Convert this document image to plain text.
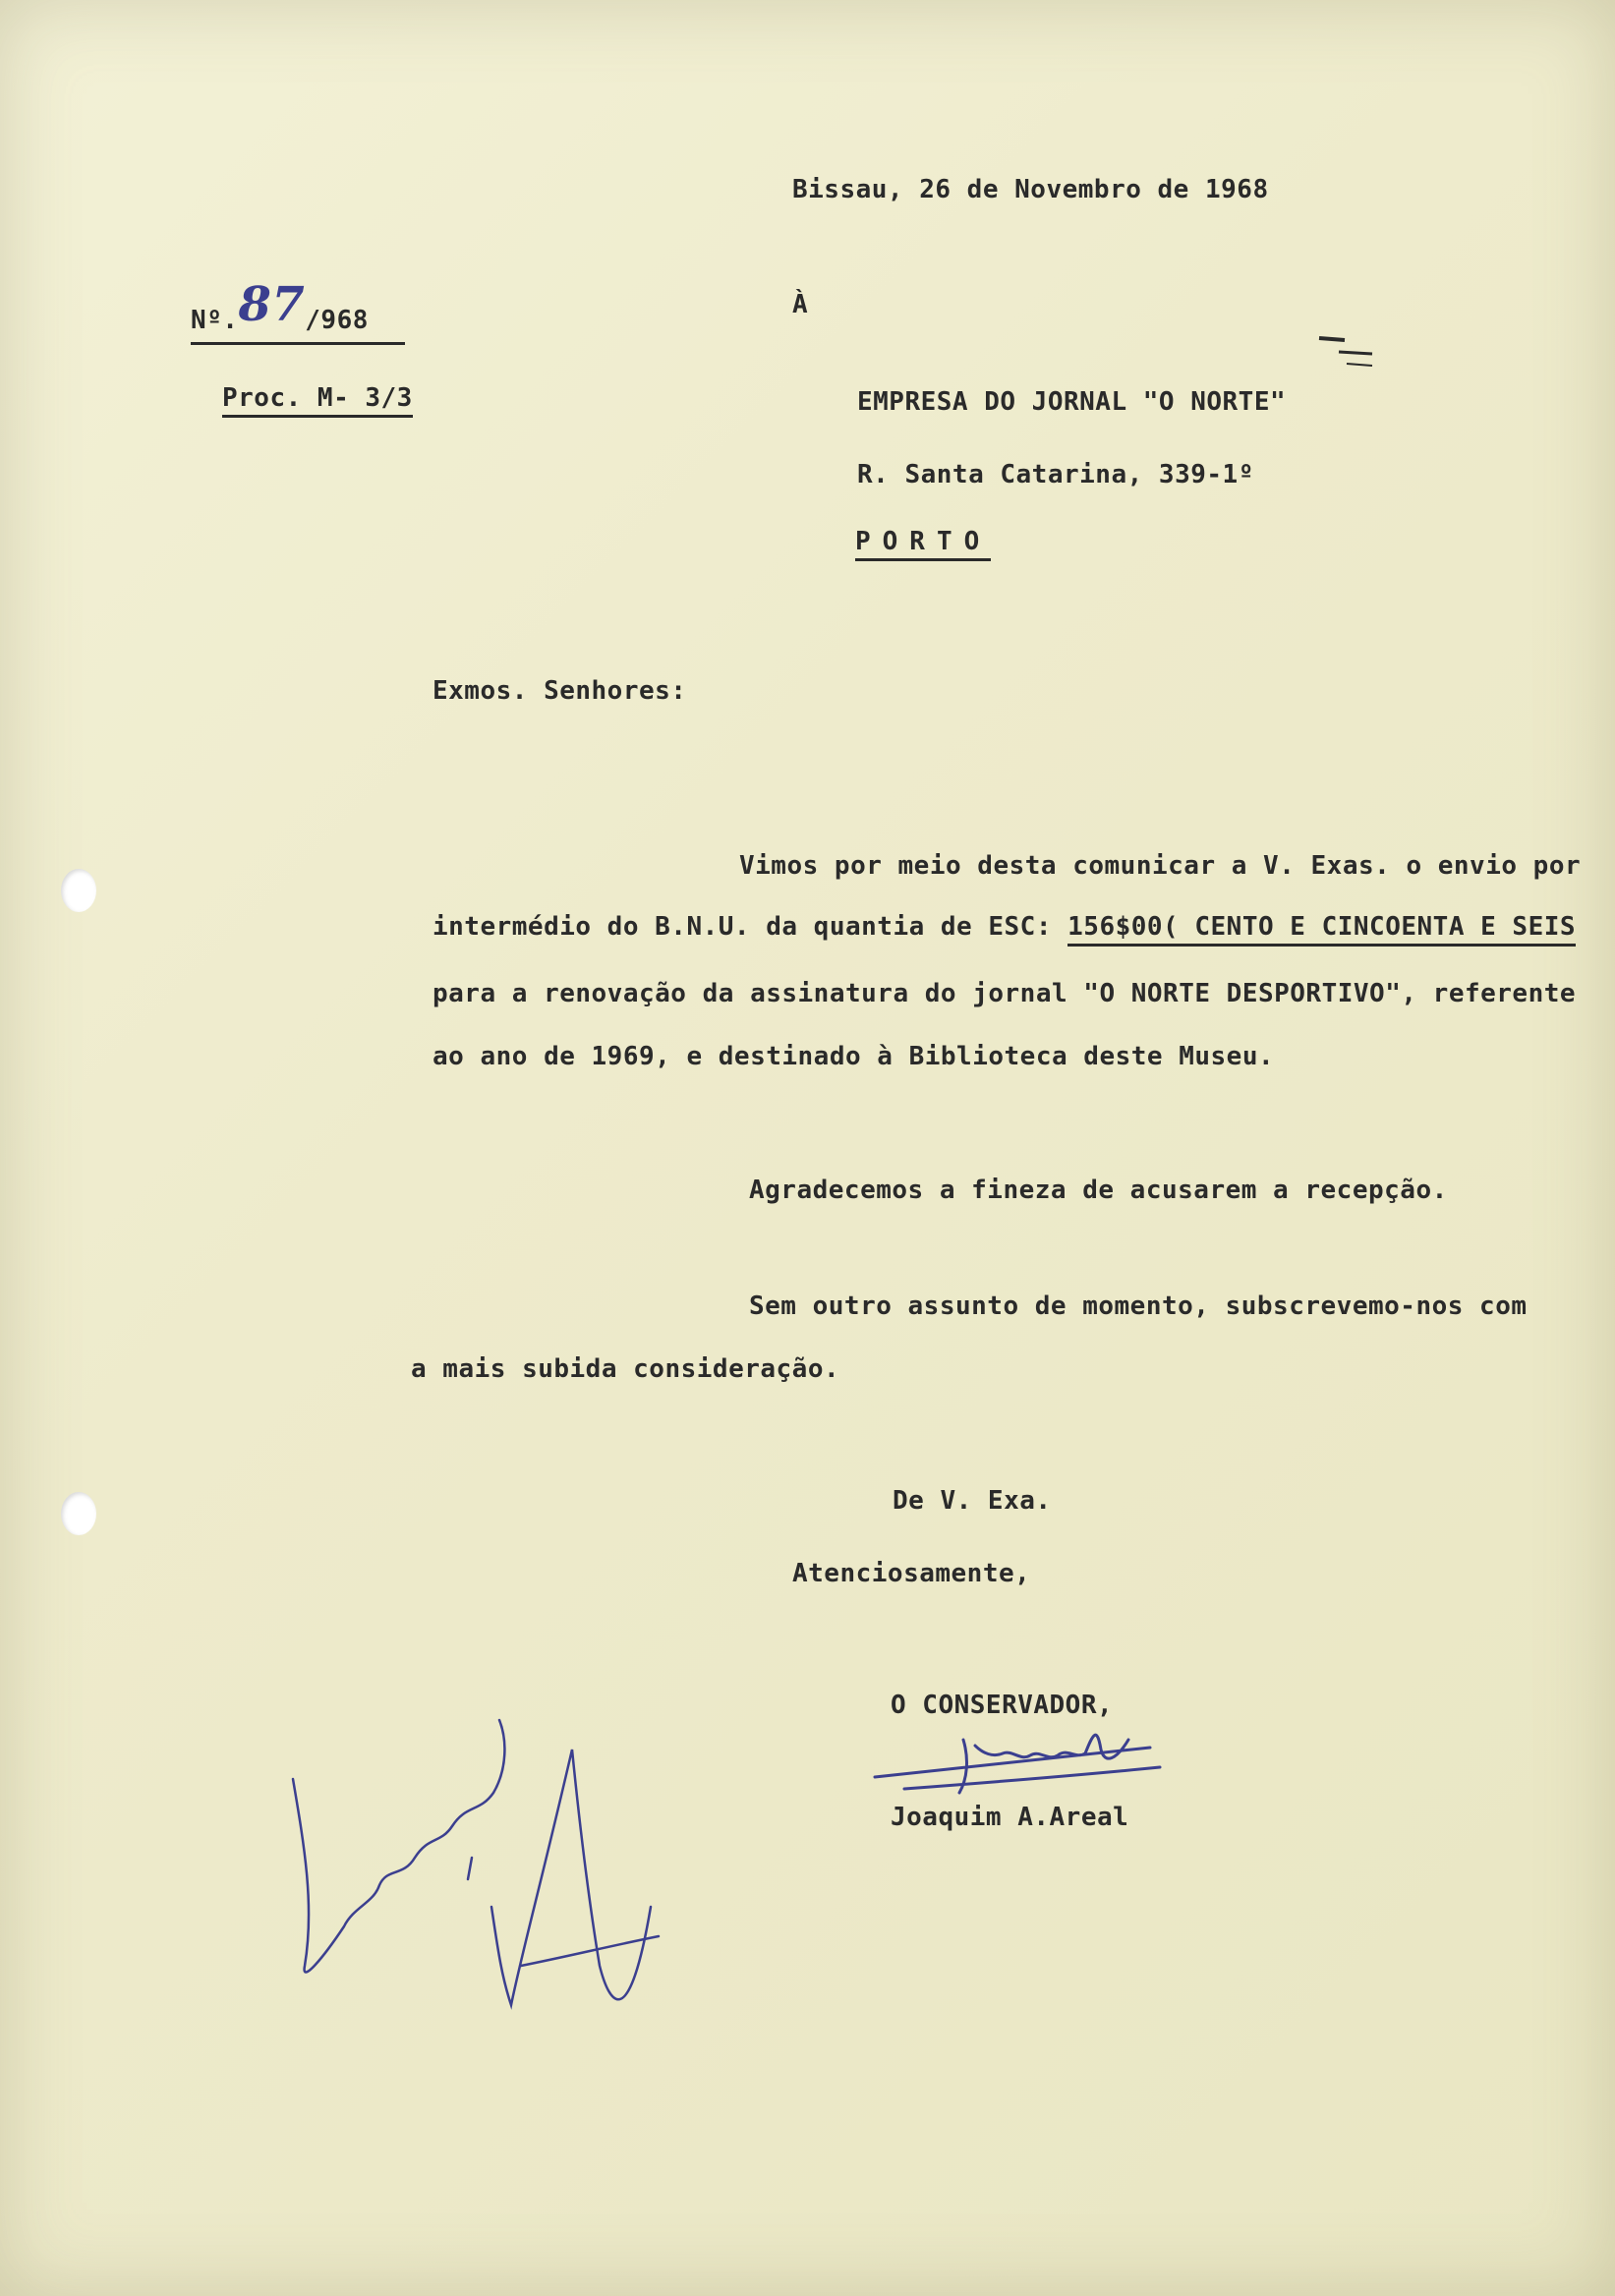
Bissau, 26 de Novembro de 1968
Nº.87/968
À
Proc. M- 3/3	EMPRESA DO JORNAL "O NORTE"
R. Santa Catarina, 339-1º
PORTO
Exmos. Senhores:
Vimos por meio desta comunicar a V. Exas. o envio por
intermédio do B.N.U. da quantia de ESC: 156$00( CENTO E CINCOENTA E SEIS
para a renovação da assinatura do jornal "O NORTE DESPORTIVO", referente
ao ano de 1969, e destinado à Biblioteca deste Museu.
Agradecemos a fineza de acusarem a recepção.
Sem outro assunto de momento, subscrevemo-nos com
a mais subida consideração.
De V. Exa.
Atenciosamente,
O CONSERVADOR,
Joaquim A.Areal
